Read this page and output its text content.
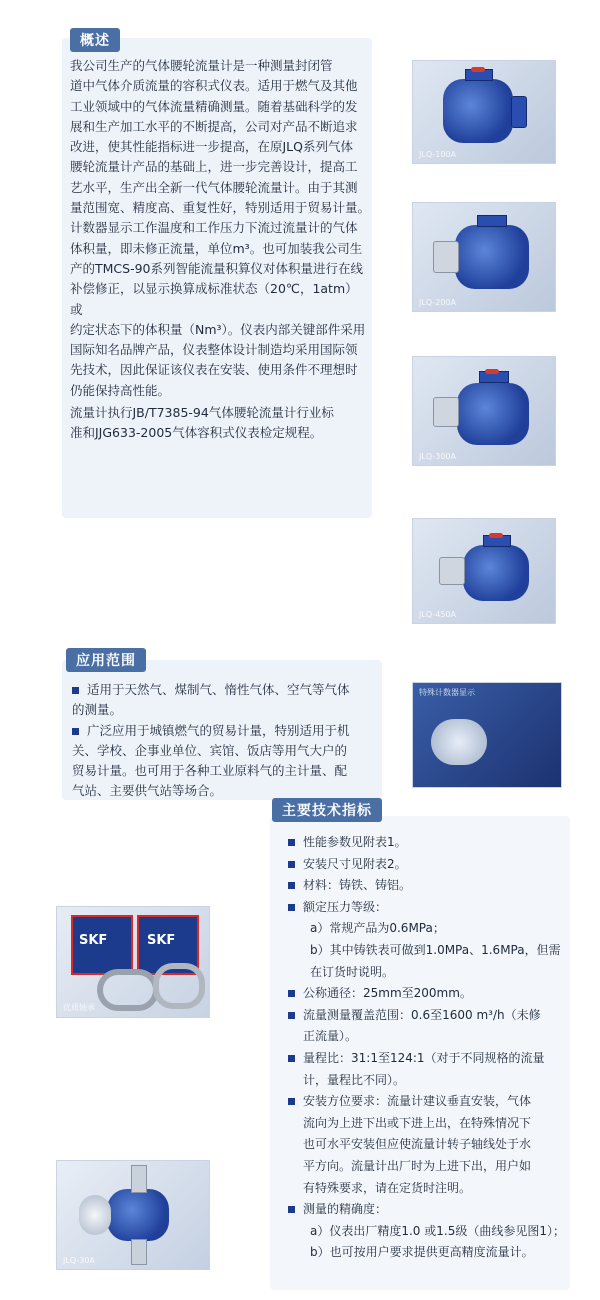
概述
我公司生产的气体腰轮流量计是一种测量封闭管
道中气体介质流量的容积式仪表。适用于燃气及其他
工业领域中的气体流量精确测量。随着基础科学的发
展和生产加工水平的不断提高，公司对产品不断追求
改进，使其性能指标进一步提高，在原JLQ系列气体
腰轮流量计产品的基础上，进一步完善设计，提高工
艺水平，生产出全新一代气体腰轮流量计。由于其测
量范围宽、精度高、重复性好，特别适用于贸易计量。
计数器显示工作温度和工作压力下流过流量计的气体
体积量，即未修正流量，单位m³。也可加装我公司生
产的TMCS-90系列智能流量积算仪对体积量进行在线
补偿修正，以显示换算成标准状态（20℃，1atm）或
约定状态下的体积量（Nm³）。仪表内部关键部件采用
国际知名品牌产品，仪表整体设计制造均采用国际领
先技术，因此保证该仪表在安装、使用条件不理想时
仍能保持高性能。
流量计执行JB/T7385-94气体腰轮流量计行业标
准和JJG633-2005气体容积式仪表检定规程。
JLQ-100A
JLQ-200A
JLQ-300A
JLQ-450A
应用范围
适用于天然气、煤制气、惰性气体、空气等气体
的测量。
广泛应用于城镇燃气的贸易计量，特别适用于机
关、学校、企事业单位、宾馆、饭店等用气大户的
贸易计量。也可用于各种工业原料气的主计量、配
气站、主要供气站等场合。
特殊计数器显示
主要技术指标
性能参数见附表1。
安装尺寸见附表2。
材料：铸铁、铸铝。
额定压力等级：
a）常规产品为0.6MPa；
b）其中铸铁表可做到1.0MPa、1.6MPa，但需
在订货时说明。
公称通径：25mm至200mm。
流量测量覆盖范围：0.6至1600 m³/h（未修
正流量）。
量程比：31:1至124:1（对于不同规格的流量
计，量程比不同）。
安装方位要求：流量计建议垂直安装，气体
流向为上进下出或下进上出，在特殊情况下
也可水平安装但应使流量计转子轴线处于水
平方向。流量计出厂时为上进下出，用户如
有特殊要求，请在定货时注明。
测量的精确度：
a）仪表出厂精度1.0 或1.5级（曲线参见图1）；
b）也可按用户要求提供更高精度流量计。
SKF	SKF
优质轴承
JLQ-30A
